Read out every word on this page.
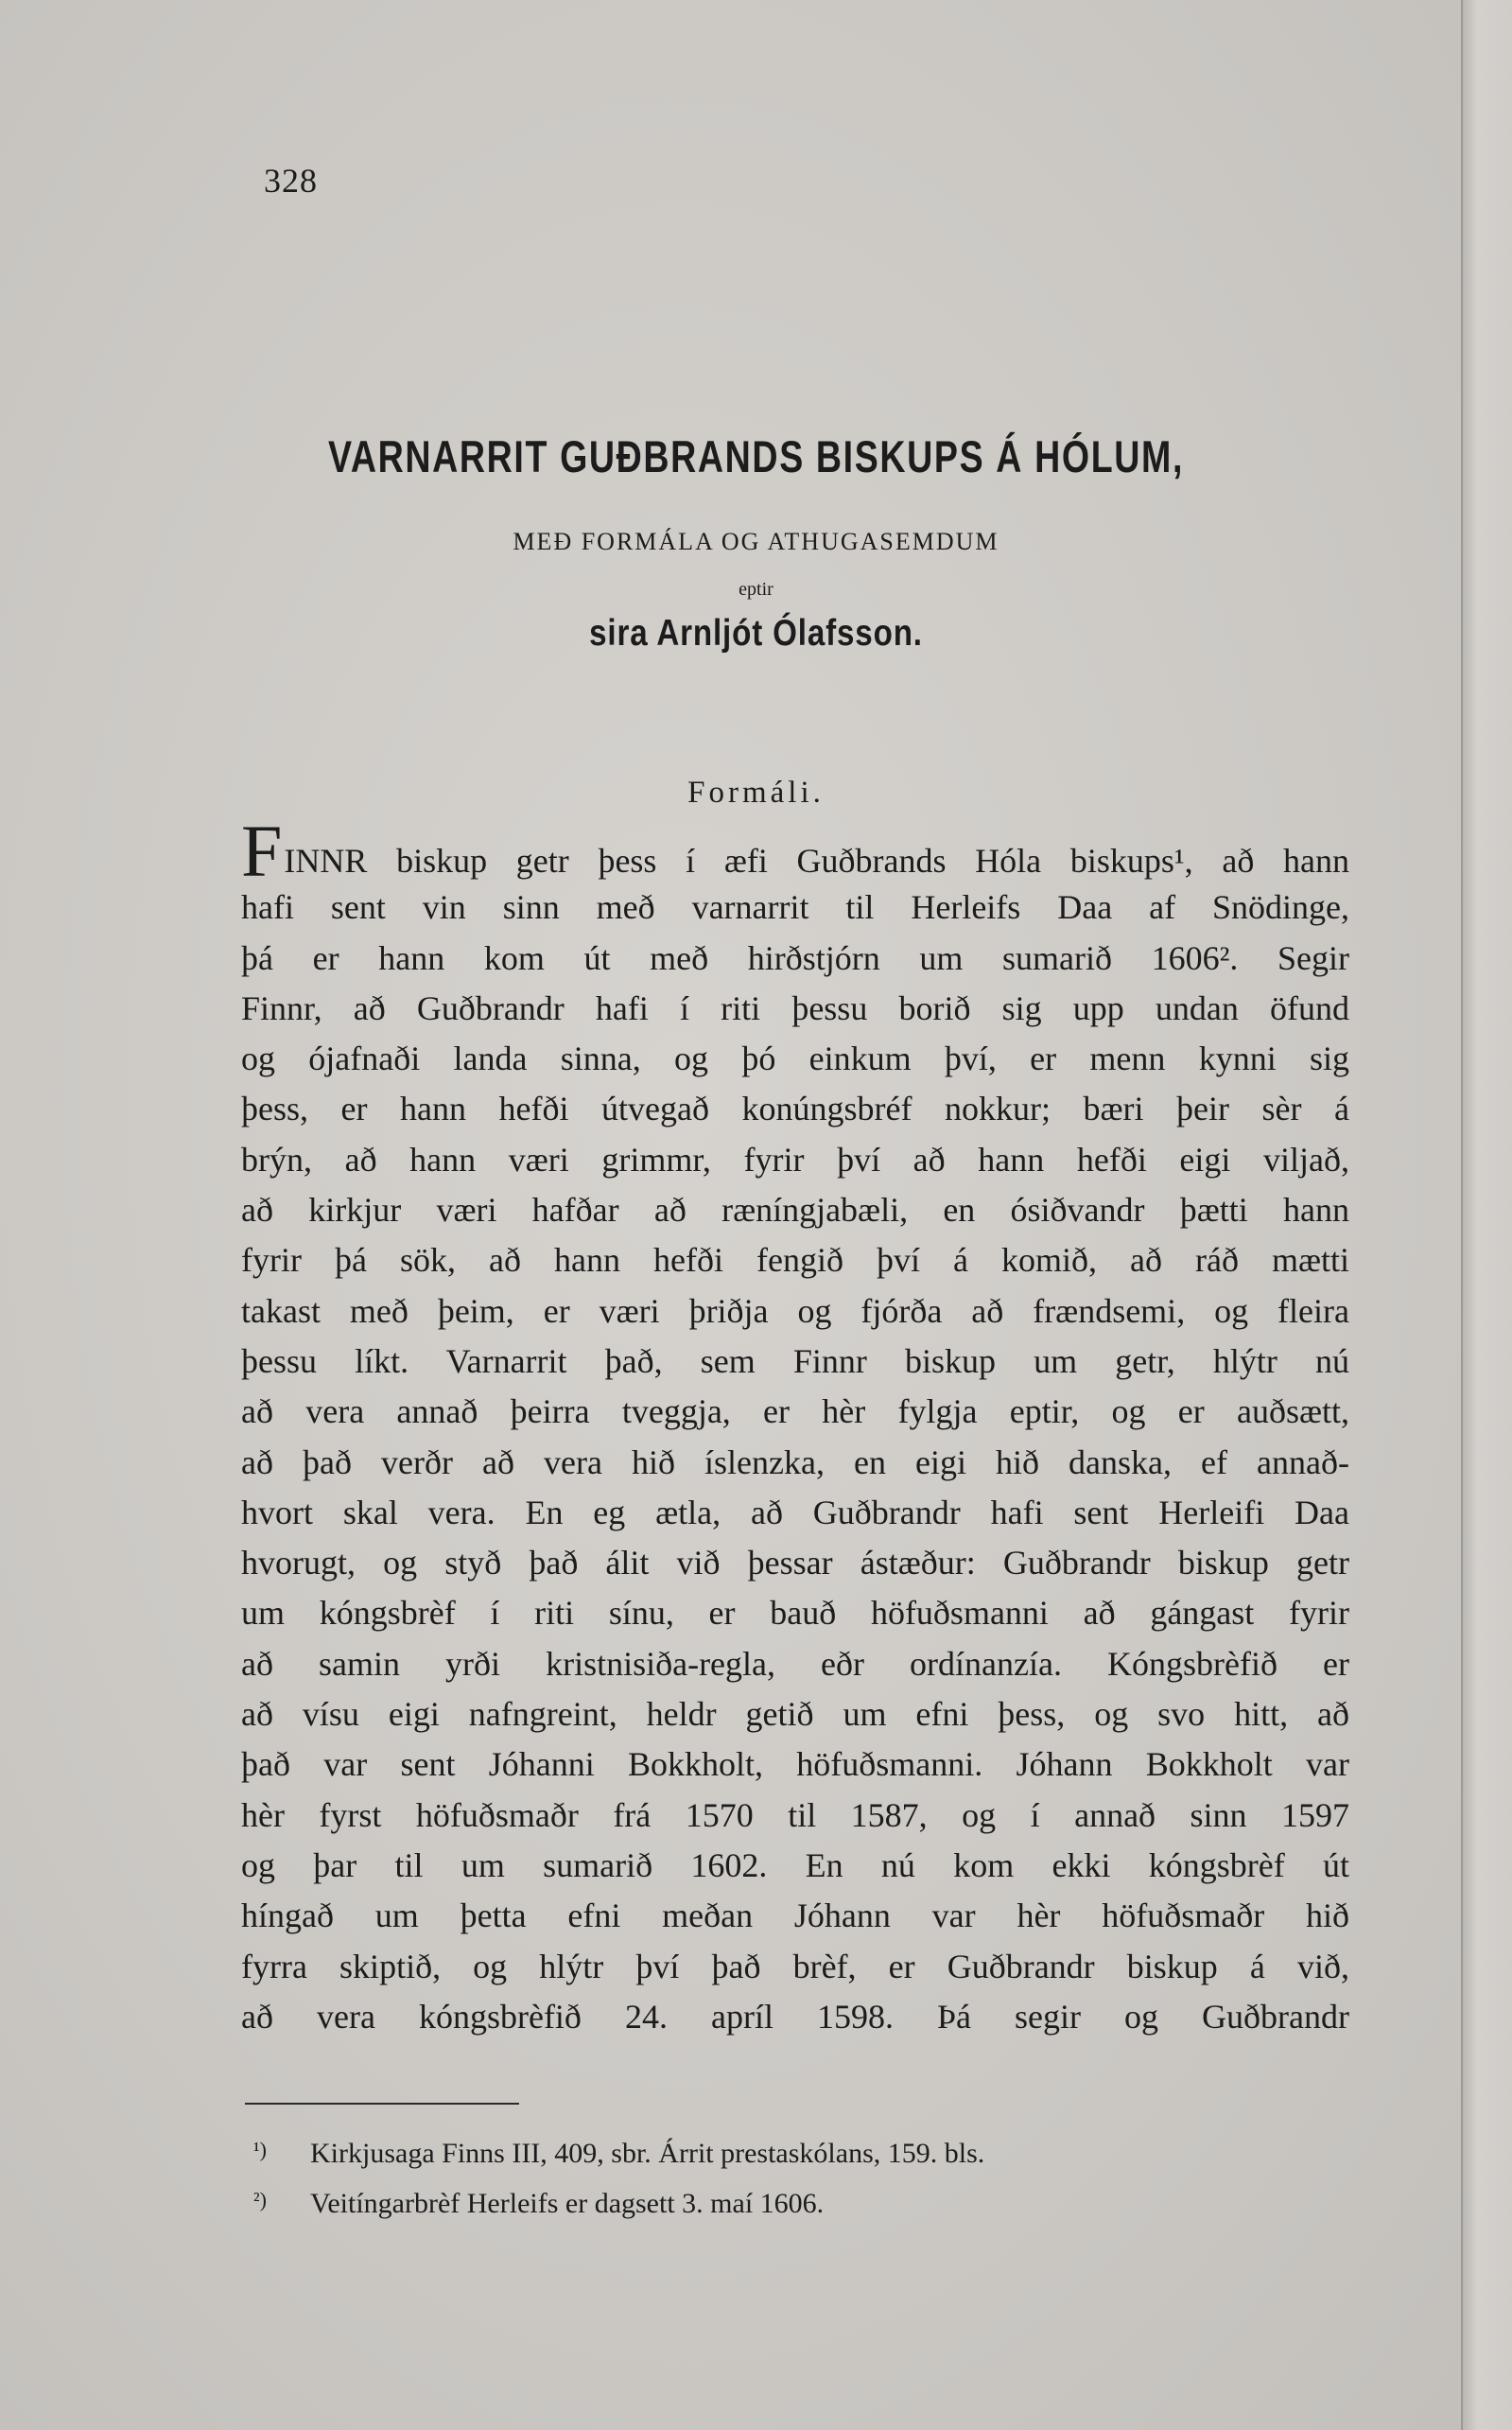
328
VARNARRIT GUÐBRANDS BISKUPS Á HÓLUM,
MEÐ FORMÁLA OG ATHUGASEMDUM
eptir
sira Arnljót Ólafsson.
Formáli.
FINNR biskup getr þess í æfi Guðbrands Hóla biskups¹, að hann
hafi sent vin sinn með varnarrit til Herleifs Daa af Snödinge,
þá er hann kom út með hirðstjórn um sumarið 1606². Segir
Finnr, að Guðbrandr hafi í riti þessu borið sig upp undan öfund
og ójafnaði landa sinna, og þó einkum því, er menn kynni sig
þess, er hann hefði útvegað konúngsbréf nokkur; bæri þeir sèr á
brýn, að hann væri grimmr, fyrir því að hann hefði eigi viljað,
að kirkjur væri hafðar að ræníngjabæli, en ósiðvandr þætti hann
fyrir þá sök, að hann hefði fengið því á komið, að ráð mætti
takast með þeim, er væri þriðja og fjórða að frændsemi, og fleira
þessu líkt. Varnarrit það, sem Finnr biskup um getr, hlýtr nú
að vera annað þeirra tveggja, er hèr fylgja eptir, og er auðsætt,
að það verðr að vera hið íslenzka, en eigi hið danska, ef annað-
hvort skal vera. En eg ætla, að Guðbrandr hafi sent Herleifi Daa
hvorugt, og styð það álit við þessar ástæður: Guðbrandr biskup getr
um kóngsbrèf í riti sínu, er bauð höfuðsmanni að gángast fyrir
að samin yrði kristnisiða-regla, eðr ordínanzía. Kóngsbrèfið er
að vísu eigi nafngreint, heldr getið um efni þess, og svo hitt, að
það var sent Jóhanni Bokkholt, höfuðsmanni. Jóhann Bokkholt var
hèr fyrst höfuðsmaðr frá 1570 til 1587, og í annað sinn 1597
og þar til um sumarið 1602. En nú kom ekki kóngsbrèf út
híngað um þetta efni meðan Jóhann var hèr höfuðsmaðr hið
fyrra skiptið, og hlýtr því það brèf, er Guðbrandr biskup á við,
að vera kóngsbrèfið 24. apríl 1598. Þá segir og Guðbrandr
¹) Kirkjusaga Finns III, 409, sbr. Árrit prestaskólans, 159. bls.
²) Veitíngarbrèf Herleifs er dagsett 3. maí 1606.
